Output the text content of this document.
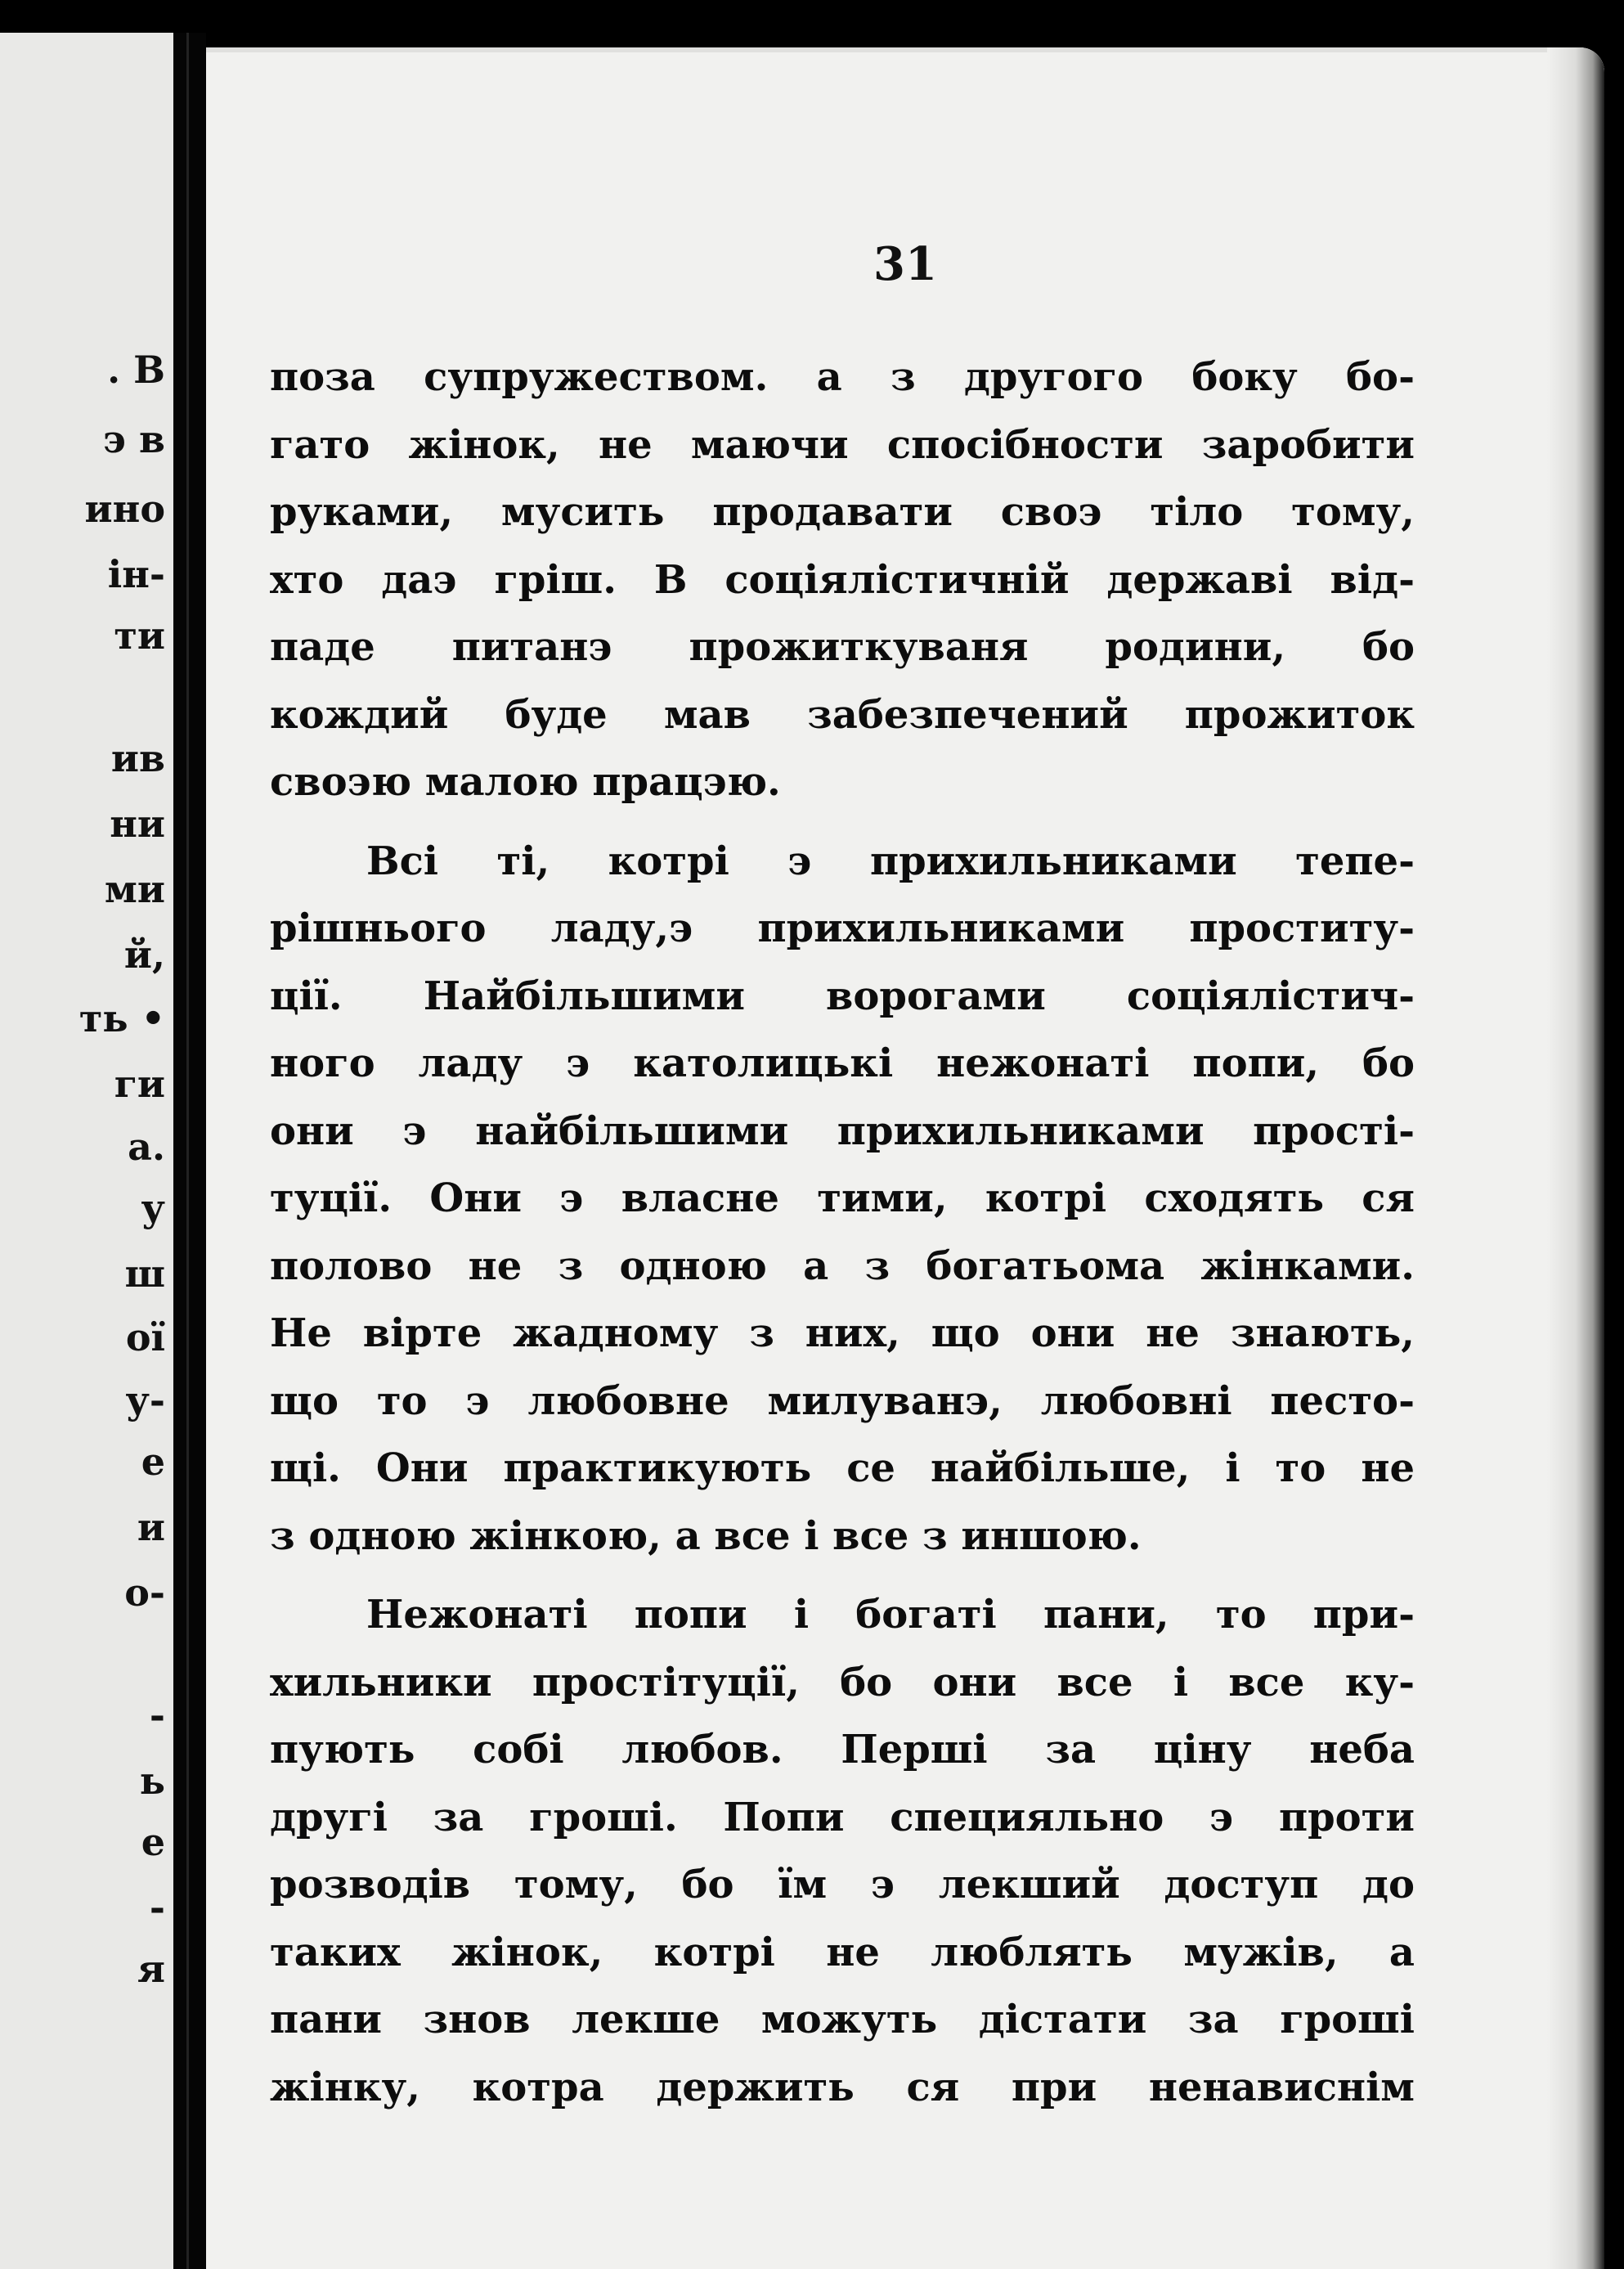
. В
э в
ино
ін-
ти
ив
ни
ми
й,
ть •
ги
а.
у
ш
ої
у-
е
и
о-
-
ь
е
-
я
31
поза супружеством. а з другого боку бо-
гато жінок, не маючи спосібности заробити
руками, мусить продавати своэ тіло тому,
хто даэ гріш. В соціялістичній державі від-
паде питанэ прожиткуваня родини, бо
кождий буде мав забезпечений прожиток
своэю малою працэю.
Всі ті, котрі э прихильниками тепе-
рішнього ладу,э прихильниками проститу-
ції. Найбільшими ворогами соціялістич-
ного ладу э католицькі нежонаті попи, бо
они э найбільшими прихильниками прості-
туції. Они э власне тими, котрі сходять ся
полово не з одною а з богатьома жінками.
Не вірте жадному з них, що они не знають,
що то э любовне милуванэ, любовні песто-
щі. Они практикують се найбільше, і то не
з одною жінкою, а все і все з иншою.
Нежонаті попи і богаті пани, то при-
хильники простітуції, бо они все і все ку-
пують собі любов. Перші за ціну неба
другі за гроші. Попи специяльно э проти
розводів тому, бо їм э лекший доступ до
таких жінок, котрі не люблять мужів, а
пани знов лекше можуть дістати за гроші
жінку, котра держить ся при ненависнім
